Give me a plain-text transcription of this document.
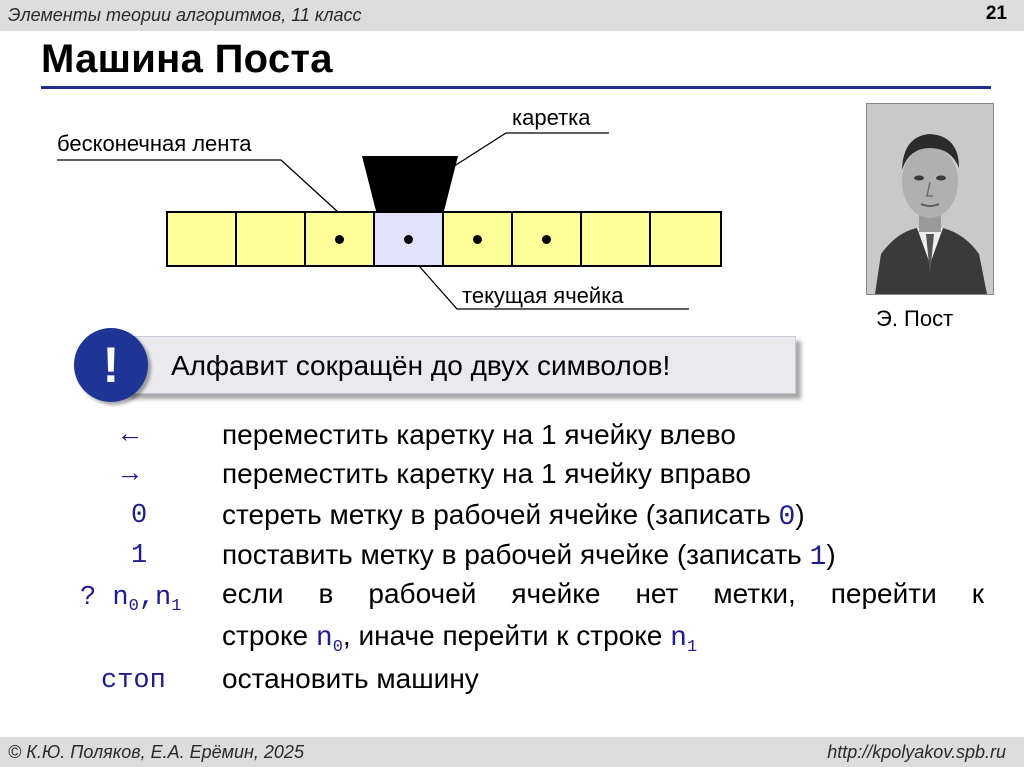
Элементы теории алгоритмов, 11 класс	21
Машина Поста
бесконечная лента
каретка
текущая ячейка
Э. Пост
!	Алфавит сокращён до двух символов!
←	переместить каретку на 1 ячейку влево
→	переместить каретку на 1 ячейку вправо
0	стереть метку в рабочей ячейке (записать 0)
1	поставить метку в рабочей ячейке (записать 1)
? $n_0,n_1$ если в рабочей ячейке нет метки, перейти к
строке $n_0$, иначе перейти к строке $n_1$
стоп остановить машину
© К.Ю. Поляков, Е.А. Ерёмин, 2025	http://kpolyakov.spb.ru
